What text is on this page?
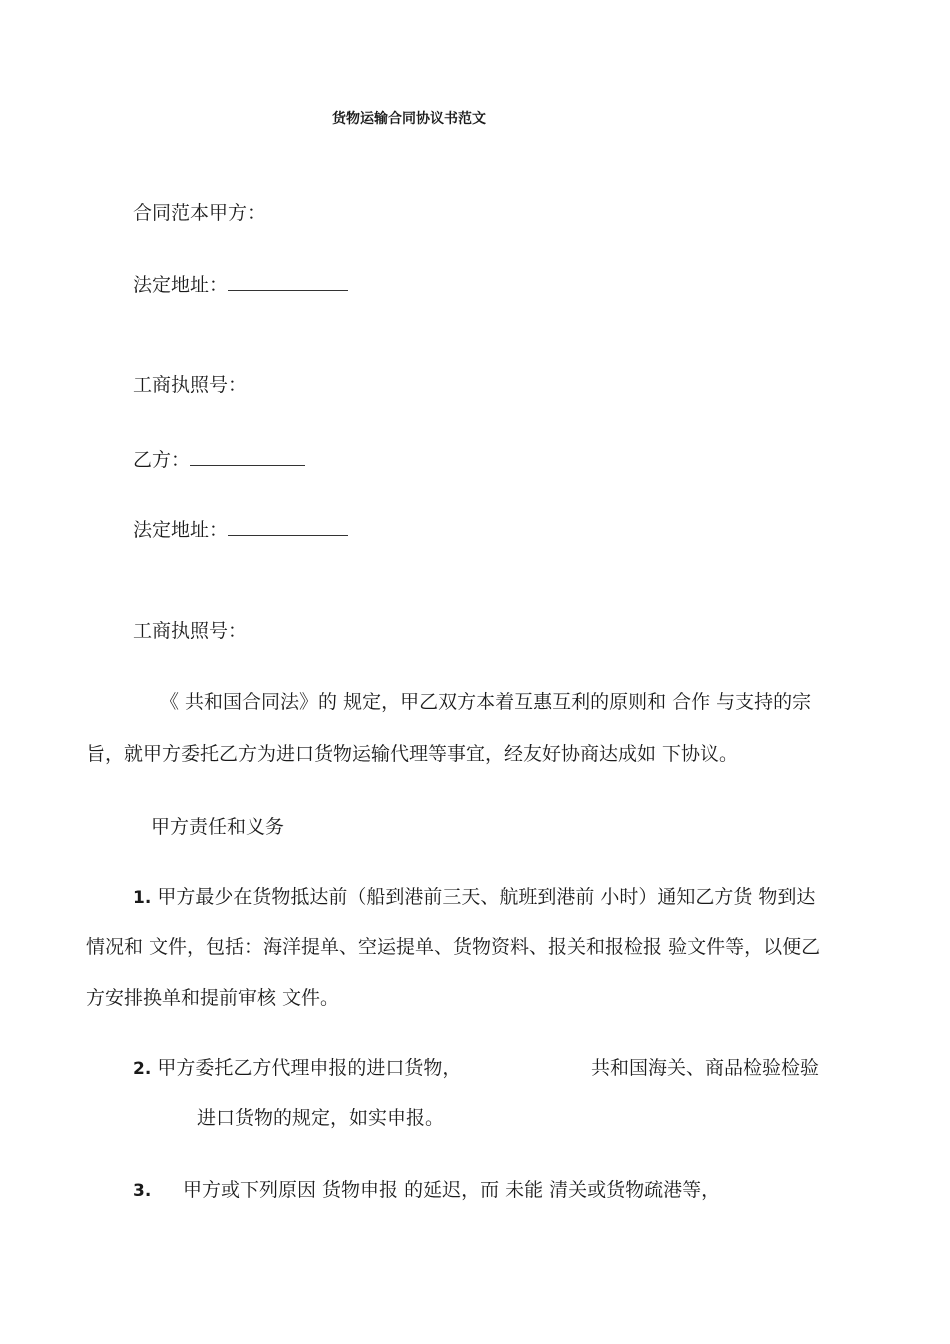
货物运输合同协议书范文
合同范本甲方：
法定地址：
工商执照号：
乙方：
法定地址：
工商执照号：
《 共和国合同法》的 规定，甲乙双方本着互惠互利的原则和 合作 与支持的宗
旨，就甲方委托乙方为进口货物运输代理等事宜，经友好协商达成如 下协议。
甲方责任和义务
1. 甲方最少在货物抵达前（船到港前三天、航班到港前 小时）通知乙方货 物到达
情况和 文件，包括：海洋提单、空运提单、货物资料、报关和报检报 验文件等，以便乙
方安排换单和提前审核 文件。
2. 甲方委托乙方代理申报的进口货物，	共和国海关、商品检验检验
进口货物的规定，如实申报。
3. 甲方或下列原因 货物申报 的延迟，而 未能 清关或货物疏港等，
